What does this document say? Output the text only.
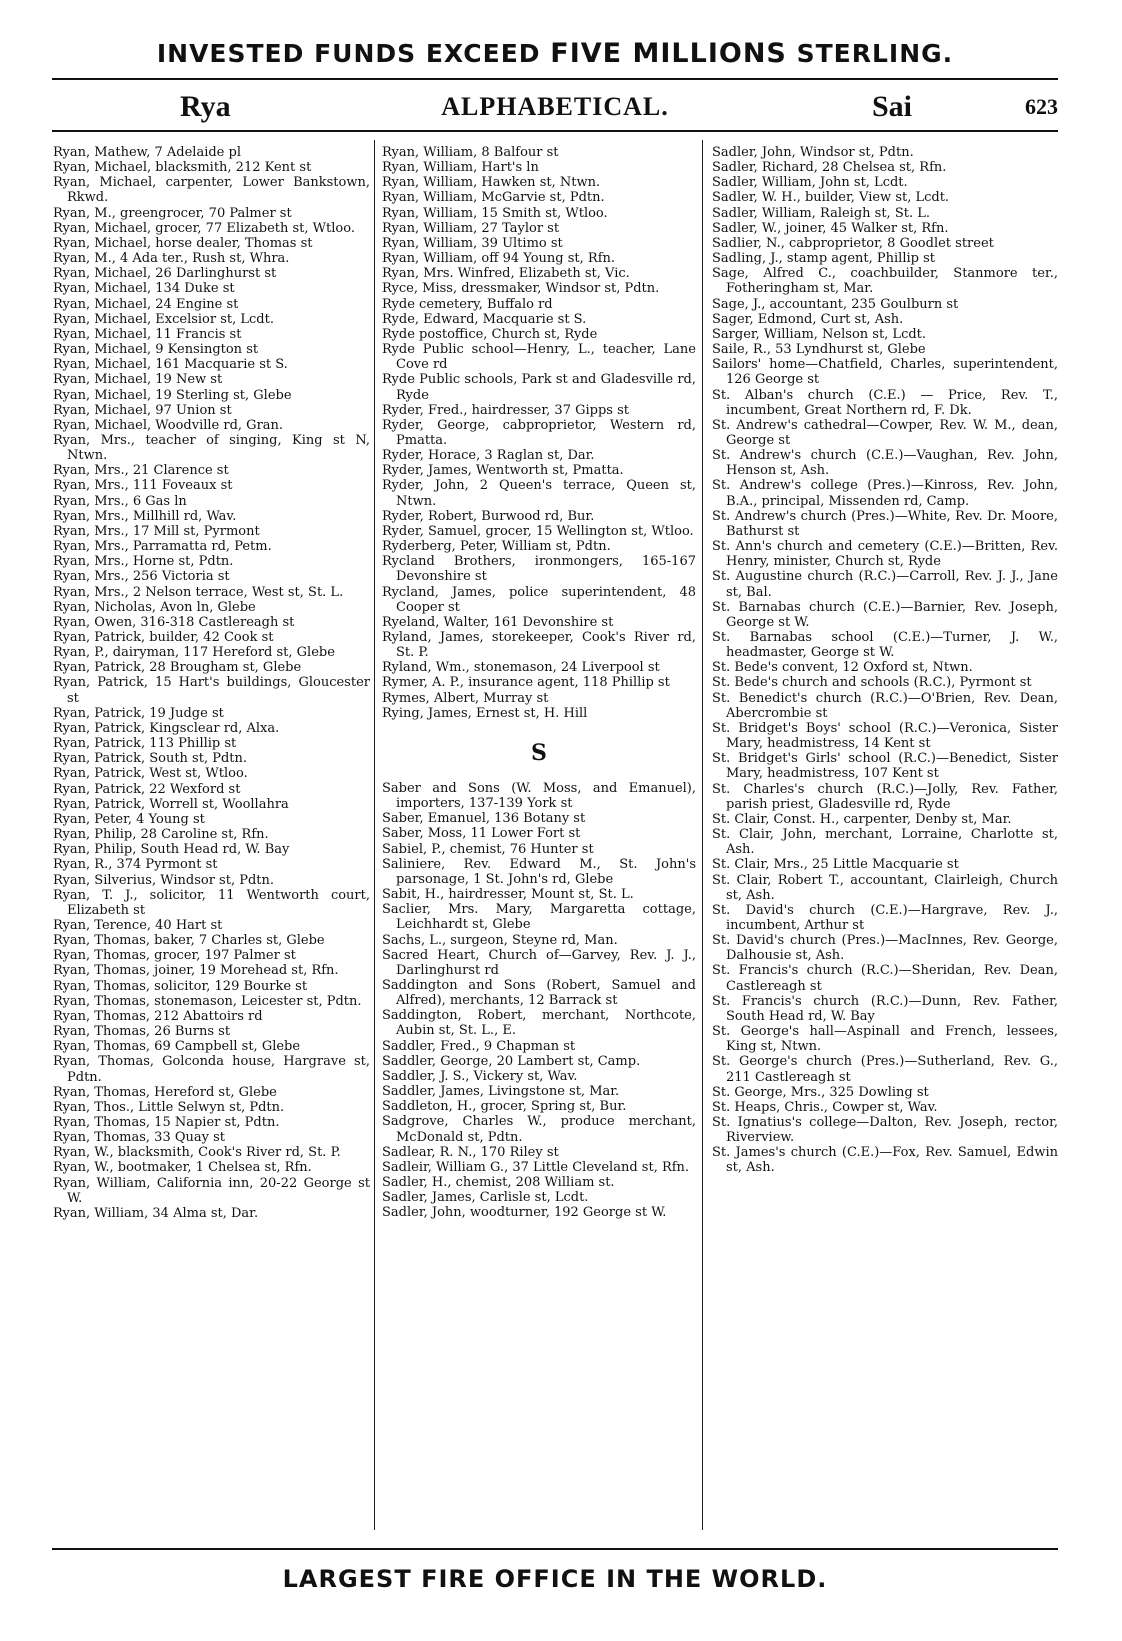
INVESTED FUNDS EXCEED FIVE MILLIONS STERLING.
Rya	ALPHABETICAL.	Sai	623

Ryan, Mathew, 7 Adelaide pl

Ryan, Michael, blacksmith, 212 Kent st

Ryan, Michael, carpenter, Lower Bankstown, Rkwd.

Ryan, M., greengrocer, 70 Palmer st

Ryan, Michael, grocer, 77 Elizabeth st, Wtloo.

Ryan, Michael, horse dealer, Thomas st

Ryan, M., 4 Ada ter., Rush st, Whra.

Ryan, Michael, 26 Darlinghurst st

Ryan, Michael, 134 Duke st

Ryan, Michael, 24 Engine st

Ryan, Michael, Excelsior st, Lcdt.

Ryan, Michael, 11 Francis st

Ryan, Michael, 9 Kensington st

Ryan, Michael, 161 Macquarie st S.

Ryan, Michael, 19 New st

Ryan, Michael, 19 Sterling st, Glebe

Ryan, Michael, 97 Union st

Ryan, Michael, Woodville rd, Gran.

Ryan, Mrs., teacher of singing, King st N, Ntwn.

Ryan, Mrs., 21 Clarence st

Ryan, Mrs., 111 Foveaux st

Ryan, Mrs., 6 Gas ln

Ryan, Mrs., Millhill rd, Wav.

Ryan, Mrs., 17 Mill st, Pyrmont

Ryan, Mrs., Parramatta rd, Petm.

Ryan, Mrs., Horne st, Pdtn.

Ryan, Mrs., 256 Victoria st

Ryan, Mrs., 2 Nelson terrace, West st, St. L.

Ryan, Nicholas, Avon ln, Glebe

Ryan, Owen, 316-318 Castlereagh st

Ryan, Patrick, builder, 42 Cook st

Ryan, P., dairyman, 117 Hereford st, Glebe

Ryan, Patrick, 28 Brougham st, Glebe

Ryan, Patrick, 15 Hart's buildings, Gloucester st

Ryan, Patrick, 19 Judge st

Ryan, Patrick, Kingsclear rd, Alxa.

Ryan, Patrick, 113 Phillip st

Ryan, Patrick, South st, Pdtn.

Ryan, Patrick, West st, Wtloo.

Ryan, Patrick, 22 Wexford st

Ryan, Patrick, Worrell st, Woollahra

Ryan, Peter, 4 Young st

Ryan, Philip, 28 Caroline st, Rfn.

Ryan, Philip, South Head rd, W. Bay

Ryan, R., 374 Pyrmont st

Ryan, Silverius, Windsor st, Pdtn.

Ryan, T. J., solicitor, 11 Wentworth court, Elizabeth st

Ryan, Terence, 40 Hart st

Ryan, Thomas, baker, 7 Charles st, Glebe

Ryan, Thomas, grocer, 197 Palmer st

Ryan, Thomas, joiner, 19 Morehead st, Rfn.

Ryan, Thomas, solicitor, 129 Bourke st

Ryan, Thomas, stonemason, Leicester st, Pdtn.

Ryan, Thomas, 212 Abattoirs rd

Ryan, Thomas, 26 Burns st

Ryan, Thomas, 69 Campbell st, Glebe

Ryan, Thomas, Golconda house, Hargrave st, Pdtn.

Ryan, Thomas, Hereford st, Glebe

Ryan, Thos., Little Selwyn st, Pdtn.

Ryan, Thomas, 15 Napier st, Pdtn.

Ryan, Thomas, 33 Quay st

Ryan, W., blacksmith, Cook's River rd, St. P.

Ryan, W., bootmaker, 1 Chelsea st, Rfn.

Ryan, William, California inn, 20-22 George st W.

Ryan, William, 34 Alma st, Dar.

Ryan, William, 8 Balfour st

Ryan, William, Hart's ln

Ryan, William, Hawken st, Ntwn.

Ryan, William, McGarvie st, Pdtn.

Ryan, William, 15 Smith st, Wtloo.

Ryan, William, 27 Taylor st

Ryan, William, 39 Ultimo st

Ryan, William, off 94 Young st, Rfn.

Ryan, Mrs. Winfred, Elizabeth st, Vic.

Ryce, Miss, dressmaker, Windsor st, Pdtn.

Ryde cemetery, Buffalo rd

Ryde, Edward, Macquarie st S.

Ryde postoffice, Church st, Ryde

Ryde Public school—Henry, L., teacher, Lane Cove rd

Ryde Public schools, Park st and Gladesville rd, Ryde

Ryder, Fred., hairdresser, 37 Gipps st

Ryder, George, cabproprietor, Western rd, Pmatta.

Ryder, Horace, 3 Raglan st, Dar.

Ryder, James, Wentworth st, Pmatta.

Ryder, John, 2 Queen's terrace, Queen st, Ntwn.

Ryder, Robert, Burwood rd, Bur.

Ryder, Samuel, grocer, 15 Wellington st, Wtloo.

Ryderberg, Peter, William st, Pdtn.

Rycland Brothers, ironmongers, 165-167 Devonshire st

Rycland, James, police superintendent, 48 Cooper st

Ryeland, Walter, 161 Devonshire st

Ryland, James, storekeeper, Cook's River rd, St. P.

Ryland, Wm., stonemason, 24 Liverpool st

Rymer, A. P., insurance agent, 118 Phillip st

Rymes, Albert, Murray st

Rying, James, Ernest st, H. Hill

S

Saber and Sons (W. Moss, and Emanuel), importers, 137-139 York st

Saber, Emanuel, 136 Botany st

Saber, Moss, 11 Lower Fort st

Sabiel, P., chemist, 76 Hunter st

Saliniere, Rev. Edward M., St. John's parsonage, 1 St. John's rd, Glebe

Sabit, H., hairdresser, Mount st, St. L.

Saclier, Mrs. Mary, Margaretta cottage, Leichhardt st, Glebe

Sachs, L., surgeon, Steyne rd, Man.

Sacred Heart, Church of—Garvey, Rev. J. J., Darlinghurst rd

Saddington and Sons (Robert, Samuel and Alfred), merchants, 12 Barrack st

Saddington, Robert, merchant, Northcote, Aubin st, St. L., E.

Saddler, Fred., 9 Chapman st

Saddler, George, 20 Lambert st, Camp.

Saddler, J. S., Vickery st, Wav.

Saddler, James, Livingstone st, Mar.

Saddleton, H., grocer, Spring st, Bur.

Sadgrove, Charles W., produce merchant, McDonald st, Pdtn.

Sadlear, R. N., 170 Riley st

Sadleir, William G., 37 Little Cleveland st, Rfn.

Sadler, H., chemist, 208 William st.

Sadler, James, Carlisle st, Lcdt.

Sadler, John, woodturner, 192 George st W.

Sadler, John, Windsor st, Pdtn.

Sadler, Richard, 28 Chelsea st, Rfn.

Sadler, William, John st, Lcdt.

Sadler, W. H., builder, View st, Lcdt.

Sadler, William, Raleigh st, St. L.

Sadler, W., joiner, 45 Walker st, Rfn.

Sadlier, N., cabproprietor, 8 Goodlet street

Sadling, J., stamp agent, Phillip st

Sage, Alfred C., coachbuilder, Stanmore ter., Fotheringham st, Mar.

Sage, J., accountant, 235 Goulburn st

Sager, Edmond, Curt st, Ash.

Sarger, William, Nelson st, Lcdt.

Saile, R., 53 Lyndhurst st, Glebe

Sailors' home—Chatfield, Charles, superintendent, 126 George st

St. Alban's church (C.E.) — Price, Rev. T., incumbent, Great Northern rd, F. Dk.

St. Andrew's cathedral—Cowper, Rev. W. M., dean, George st

St. Andrew's church (C.E.)—Vaughan, Rev. John, Henson st, Ash.

St. Andrew's college (Pres.)—Kinross, Rev. John, B.A., principal, Missenden rd, Camp.

St. Andrew's church (Pres.)—White, Rev. Dr. Moore, Bathurst st

St. Ann's church and cemetery (C.E.)—Britten, Rev. Henry, minister, Church st, Ryde

St. Augustine church (R.C.)—Carroll, Rev. J. J., Jane st, Bal.

St. Barnabas church (C.E.)—Barnier, Rev. Joseph, George st W.

St. Barnabas school (C.E.)—Turner, J. W., headmaster, George st W.

St. Bede's convent, 12 Oxford st, Ntwn.

St. Bede's church and schools (R.C.), Pyrmont st

St. Benedict's church (R.C.)—O'Brien, Rev. Dean, Abercrombie st

St. Bridget's Boys' school (R.C.)—Veronica, Sister Mary, headmistress, 14 Kent st

St. Bridget's Girls' school (R.C.)—Benedict, Sister Mary, headmistress, 107 Kent st

St. Charles's church (R.C.)—Jolly, Rev. Father, parish priest, Gladesville rd, Ryde

St. Clair, Const. H., carpenter, Denby st, Mar.

St. Clair, John, merchant, Lorraine, Charlotte st, Ash.

St. Clair, Mrs., 25 Little Macquarie st

St. Clair, Robert T., accountant, Clairleigh, Church st, Ash.

St. David's church (C.E.)—Hargrave, Rev. J., incumbent, Arthur st

St. David's church (Pres.)—MacInnes, Rev. George, Dalhousie st, Ash.

St. Francis's church (R.C.)—Sheridan, Rev. Dean, Castlereagh st

St. Francis's church (R.C.)—Dunn, Rev. Father, South Head rd, W. Bay

St. George's hall—Aspinall and French, lessees, King st, Ntwn.

St. George's church (Pres.)—Sutherland, Rev. G., 211 Castlereagh st

St. George, Mrs., 325 Dowling st

St. Heaps, Chris., Cowper st, Wav.

St. Ignatius's college—Dalton, Rev. Joseph, rector, Riverview.

St. James's church (C.E.)—Fox, Rev. Samuel, Edwin st, Ash.

LARGEST FIRE OFFICE IN THE WORLD.
